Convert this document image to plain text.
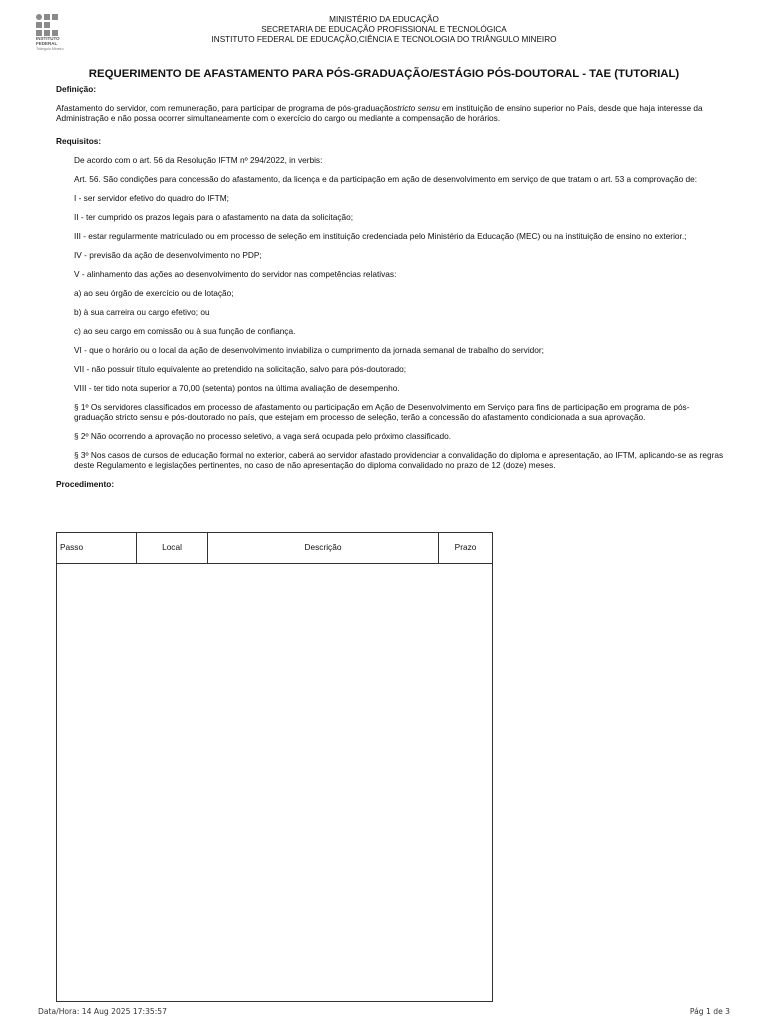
INSTITUTO
FEDERAL
Triângulo Mineiro
MINISTÉRIO DA EDUCAÇÃO
SECRETARIA DE EDUCAÇÃO PROFISSIONAL E TECNOLÓGICA
INSTITUTO FEDERAL DE EDUCAÇÃO,CIÊNCIA E TECNOLOGIA DO TRIÂNGULO MINEIRO
REQUERIMENTO DE AFASTAMENTO PARA PÓS-GRADUAÇÃO/ESTÁGIO PÓS-DOUTORAL - TAE (TUTORIAL)
Definição:
Afastamento do servidor, com remuneração, para participar de programa de pós-graduaçãostricto sensu em instituição de ensino superior no País, desde que haja interesse da Administração e não possa ocorrer simultaneamente com o exercício do cargo ou mediante a compensação de horários.
Requisitos:
De acordo com o art. 56 da Resolução IFTM nº 294/2022, in verbis:
Art. 56. São condições para concessão do afastamento, da licença e da participação em ação de desenvolvimento em serviço de que tratam o art. 53 a comprovação de:
I - ser servidor efetivo do quadro do IFTM;
II - ter cumprido os prazos legais para o afastamento na data da solicitação;
III - estar regularmente matriculado ou em processo de seleção em instituição credenciada pelo Ministério da Educação (MEC) ou na instituição de ensino no exterior.;
IV - previsão da ação de desenvolvimento no PDP;
V - alinhamento das ações ao desenvolvimento do servidor nas competências relativas:
a) ao seu órgão de exercício ou de lotação;
b) à sua carreira ou cargo efetivo; ou
c) ao seu cargo em comissão ou à sua função de confiança.
VI - que o horário ou o local da ação de desenvolvimento inviabiliza o cumprimento da jornada semanal de trabalho do servidor;
VII - não possuir título equivalente ao pretendido na solicitação, salvo para pós-doutorado;
VIII - ter tido nota superior a 70,00 (setenta) pontos na última avaliação de desempenho.
§ 1º Os servidores classificados em processo de afastamento ou participação em Ação de Desenvolvimento em Serviço para fins de participação em programa de pós-graduação stricto sensu e pós-doutorado no país, que estejam em processo de seleção, terão a concessão do afastamento condicionada a sua aprovação.
§ 2º Não ocorrendo a aprovação no processo seletivo, a vaga será ocupada pelo próximo classificado.
§ 3º Nos casos de cursos de educação formal no exterior, caberá ao servidor afastado providenciar a convalidação do diploma e apresentação, ao IFTM, aplicando-se as regras deste Regulamento e legislações pertinentes, no caso de não apresentação do diploma convalidado no prazo de 12 (doze) meses.
Procedimento:
Passo	Local	Descrição	Prazo
Data/Hora: 14 Aug 2025 17:35:57	Pág 1 de 3
